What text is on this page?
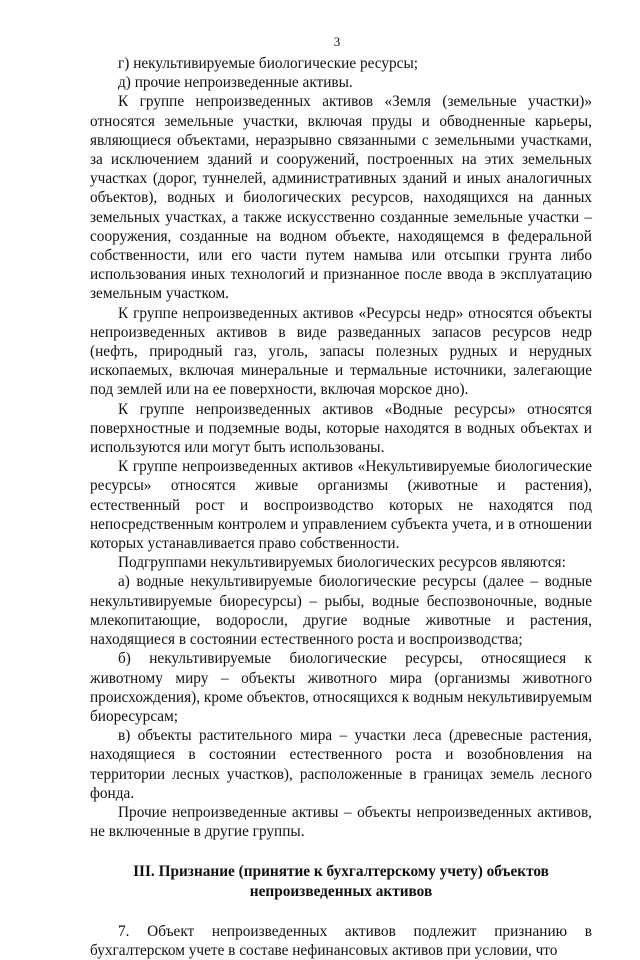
3

г) некультивируемые биологические ресурсы;

д) прочие непроизведенные активы.

К группе непроизведенных активов «Земля (земельные участки)» относятся земельные участки, включая пруды и обводненные карьеры, являющиеся объектами, неразрывно связанными с земельными участками, за исключением зданий и сооружений, построенных на этих земельных участках (дорог, туннелей, административных зданий и иных аналогичных объектов), водных и биологических ресурсов, находящихся на данных земельных участках, а также искусственно созданные земельные участки – сооружения, созданные на водном объекте, находящемся в федеральной собственности, или его части путем намыва или отсыпки грунта либо использования иных технологий и признанное после ввода в эксплуатацию земельным участком.

К группе непроизведенных активов «Ресурсы недр» относятся объекты непроизведенных активов в виде разведанных запасов ресурсов недр (нефть, природный газ, уголь, запасы полезных рудных и нерудных ископаемых, включая минеральные и термальные источники, залегающие под землей или на ее поверхности, включая морское дно).

К группе непроизведенных активов «Водные ресурсы» относятся поверхностные и подземные воды, которые находятся в водных объектах и используются или могут быть использованы.

К группе непроизведенных активов «Некультивируемые биологические ресурсы» относятся живые организмы (животные и растения), естественный рост и воспроизводство которых не находятся под непосредственным контролем и управлением субъекта учета, и в отношении которых устанавливается право собственности.

Подгруппами некультивируемых биологических ресурсов являются:

а) водные некультивируемые биологические ресурсы (далее – водные некультивируемые биоресурсы) – рыбы, водные беспозвоночные, водные млекопитающие, водоросли, другие водные животные и растения, находящиеся в состоянии естественного роста и воспроизводства;

б) некультивируемые биологические ресурсы, относящиеся к животному миру – объекты животного мира (организмы животного происхождения), кроме объектов, относящихся к водным некультивируемым биоресурсам;

в) объекты растительного мира – участки леса (древесные растения, находящиеся в состоянии естественного роста и возобновления на территории лесных участков), расположенные в границах земель лесного фонда.

Прочие непроизведенные активы – объекты непроизведенных активов, не включенные в другие группы.

III. Признание (принятие к бухгалтерскому учету) объектов
непроизведенных активов

7. Объект непроизведенных активов подлежит признанию в бухгалтерском учете в составе нефинансовых активов при условии, что
